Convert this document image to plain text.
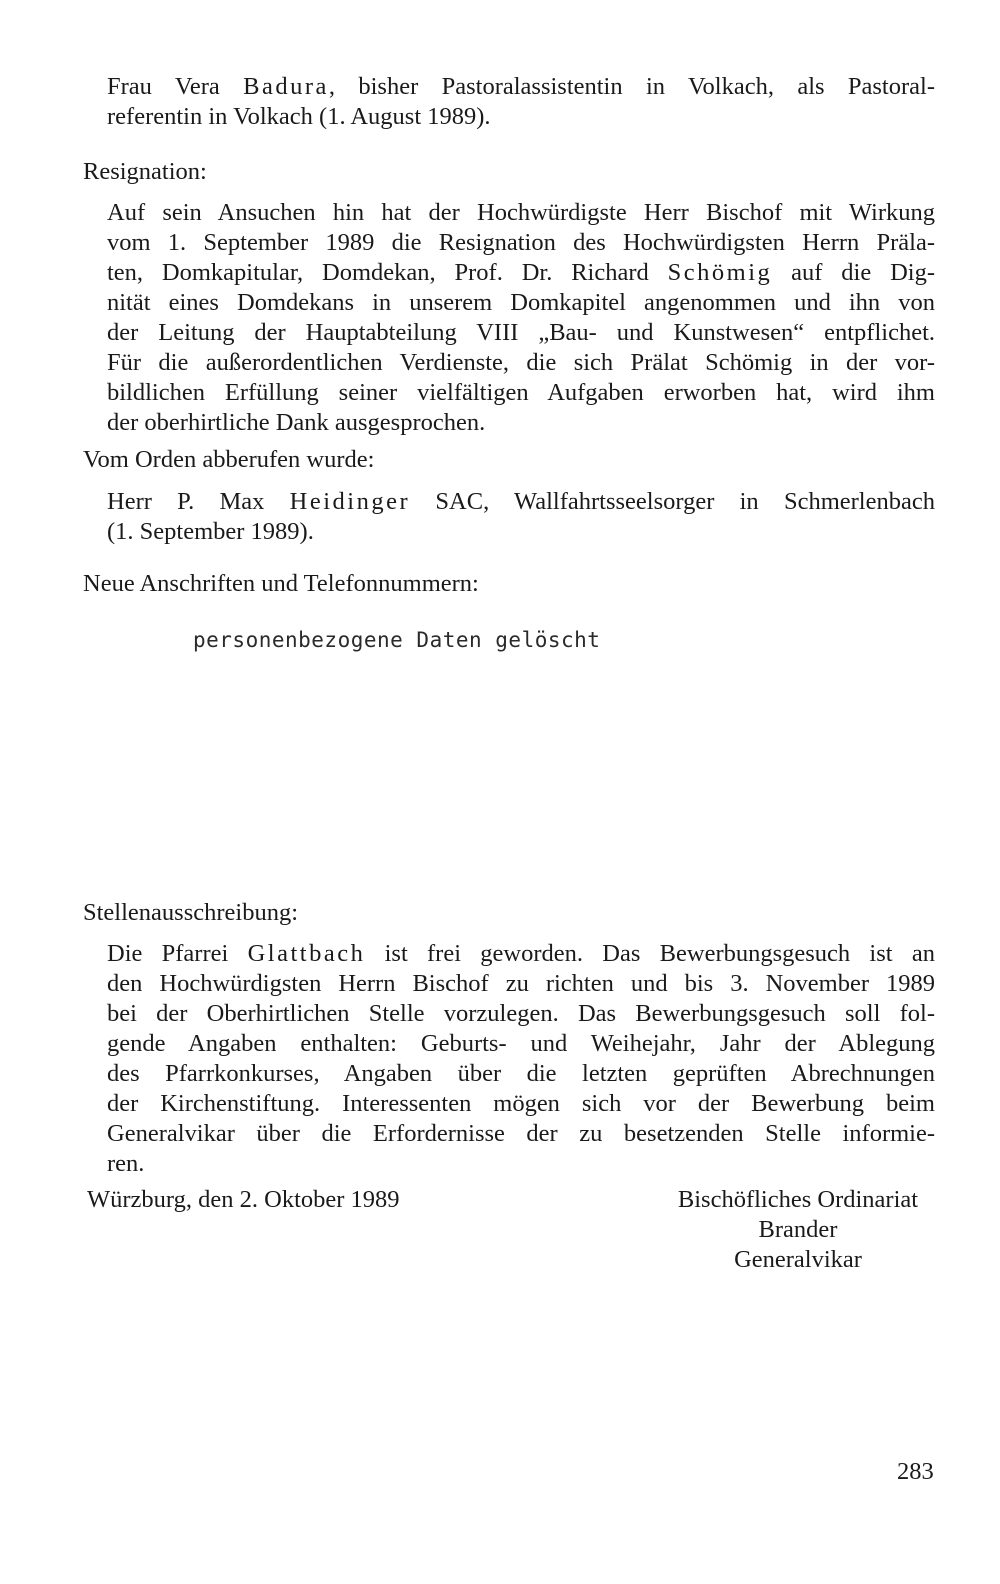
Frau Vera Badura, bisher Pastoralassistentin in Volkach, als Pastoral-
referentin in Volkach (1. August 1989).
Resignation:
Auf sein Ansuchen hin hat der Hochwürdigste Herr Bischof mit Wirkung
vom 1. September 1989 die Resignation des Hochwürdigsten Herrn Präla-
ten, Domkapitular, Domdekan, Prof. Dr. Richard Schömig auf die Dig-
nität eines Domdekans in unserem Domkapitel angenommen und ihn von
der Leitung der Hauptabteilung VIII „Bau- und Kunstwesen“ entpflichet.
Für die außerordentlichen Verdienste, die sich Prälat Schömig in der vor-
bildlichen Erfüllung seiner vielfältigen Aufgaben erworben hat, wird ihm
der oberhirtliche Dank ausgesprochen.
Vom Orden abberufen wurde:
Herr P. Max Heidinger SAC, Wallfahrtsseelsorger in Schmerlenbach
(1. September 1989).
Neue Anschriften und Telefonnummern:
personenbezogene Daten gelöscht
Stellenausschreibung:
Die Pfarrei Glattbach ist frei geworden. Das Bewerbungsgesuch ist an
den Hochwürdigsten Herrn Bischof zu richten und bis 3. November 1989
bei der Oberhirtlichen Stelle vorzulegen. Das Bewerbungsgesuch soll fol-
gende Angaben enthalten: Geburts- und Weihejahr, Jahr der Ablegung
des Pfarrkonkurses, Angaben über die letzten geprüften Abrechnungen
der Kirchenstiftung. Interessenten mögen sich vor der Bewerbung beim
Generalvikar über die Erfordernisse der zu besetzenden Stelle informie-
ren.
Würzburg, den 2. Oktober 1989	Bischöfliches Ordinariat
Brander
Generalvikar
283
